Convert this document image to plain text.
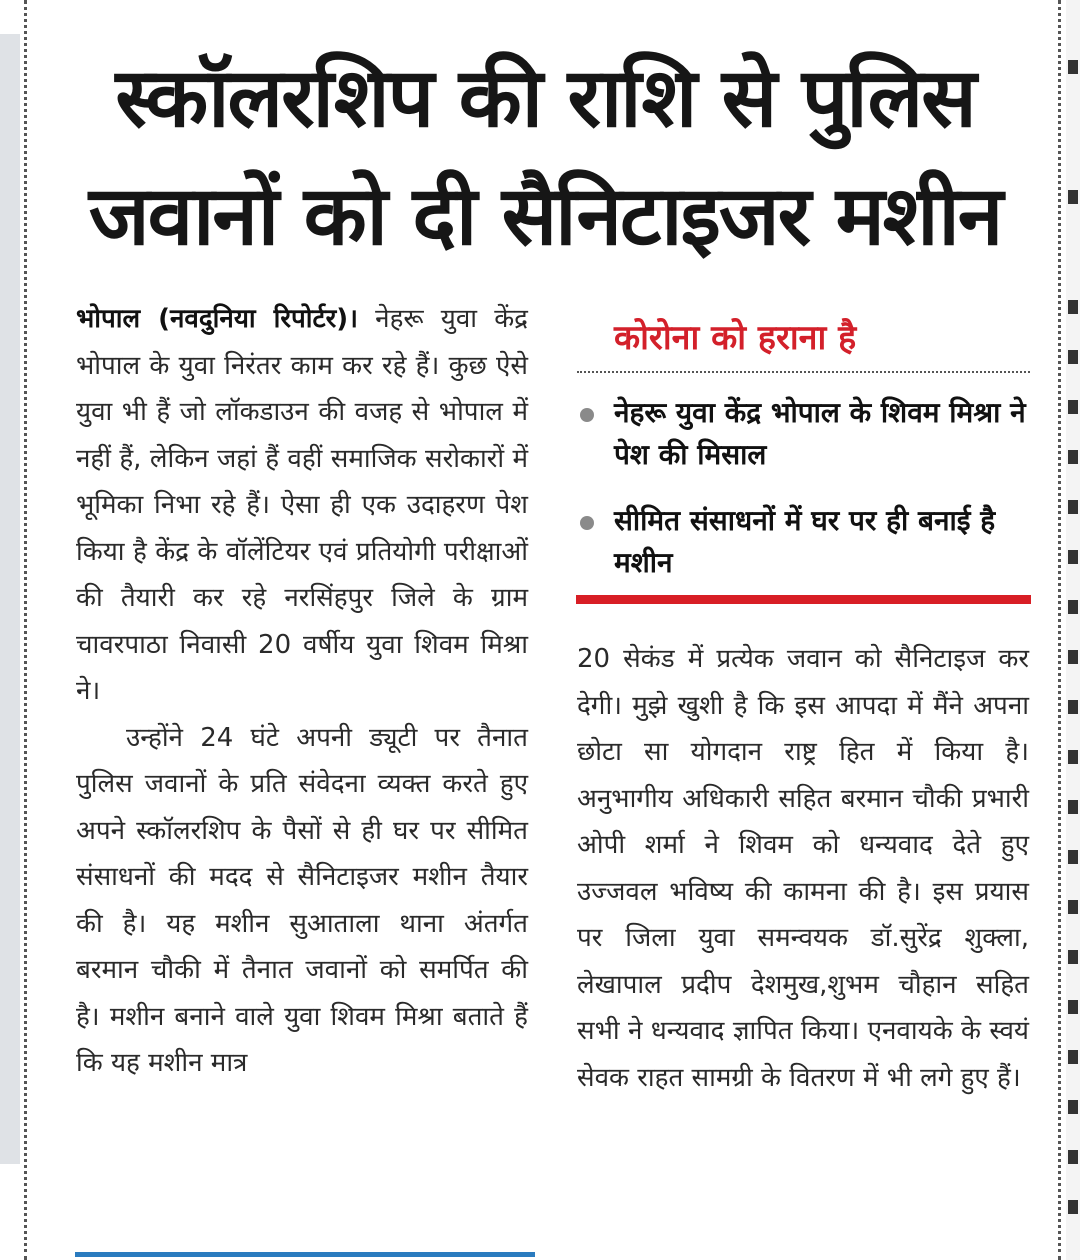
स्कॉलरशिप की राशि से पुलिस जवानों को दी सैनिटाइजर मशीन

भोपाल (नवदुनिया रिपोर्टर)। नेहरू युवा केंद्र भोपाल के युवा निरंतर काम कर रहे हैं। कुछ ऐसे युवा भी हैं जो लॉकडाउन की वजह से भोपाल में नहीं हैं, लेकिन जहां हैं वहीं समाजिक सरोकारों में भूमिका निभा रहे हैं। ऐसा ही एक उदाहरण पेश किया है केंद्र के वॉलेंटियर एवं प्रतियोगी परीक्षाओं की तैयारी कर रहे नरसिंहपुर जिले के ग्राम चावरपाठा निवासी 20 वर्षीय युवा शिवम मिश्रा ने।

उन्होंने 24 घंटे अपनी ड्यूटी पर तैनात पुलिस जवानों के प्रति संवेदना व्यक्त करते हुए अपने स्कॉलरशिप के पैसों से ही घर पर सीमित संसाधनों की मदद से सैनिटाइजर मशीन तैयार की है। यह मशीन सुआताला थाना अंतर्गत बरमान चौकी में तैनात जवानों को समर्पित की है। मशीन बनाने वाले युवा शिवम मिश्रा बताते हैं कि यह मशीन मात्र

कोरोना को हराना है
नेहरू युवा केंद्र भोपाल के शिवम मिश्रा ने पेश की मिसाल
सीमित संसाधनों में घर पर ही बनाई है मशीन

20 सेकंड में प्रत्येक जवान को सैनिटाइज कर देगी। मुझे खुशी है कि इस आपदा में मैंने अपना छोटा सा योगदान राष्ट्र हित में किया है। अनुभागीय अधिकारी सहित बरमान चौकी प्रभारी ओपी शर्मा ने शिवम को धन्यवाद देते हुए उज्जवल भविष्य की कामना की है। इस प्रयास पर जिला युवा समन्वयक डॉ.सुरेंद्र शुक्ला, लेखापाल प्रदीप देशमुख,शुभम चौहान सहित सभी ने धन्यवाद ज्ञापित किया। एनवायके के स्वयं सेवक राहत सामग्री के वितरण में भी लगे हुए हैं।
